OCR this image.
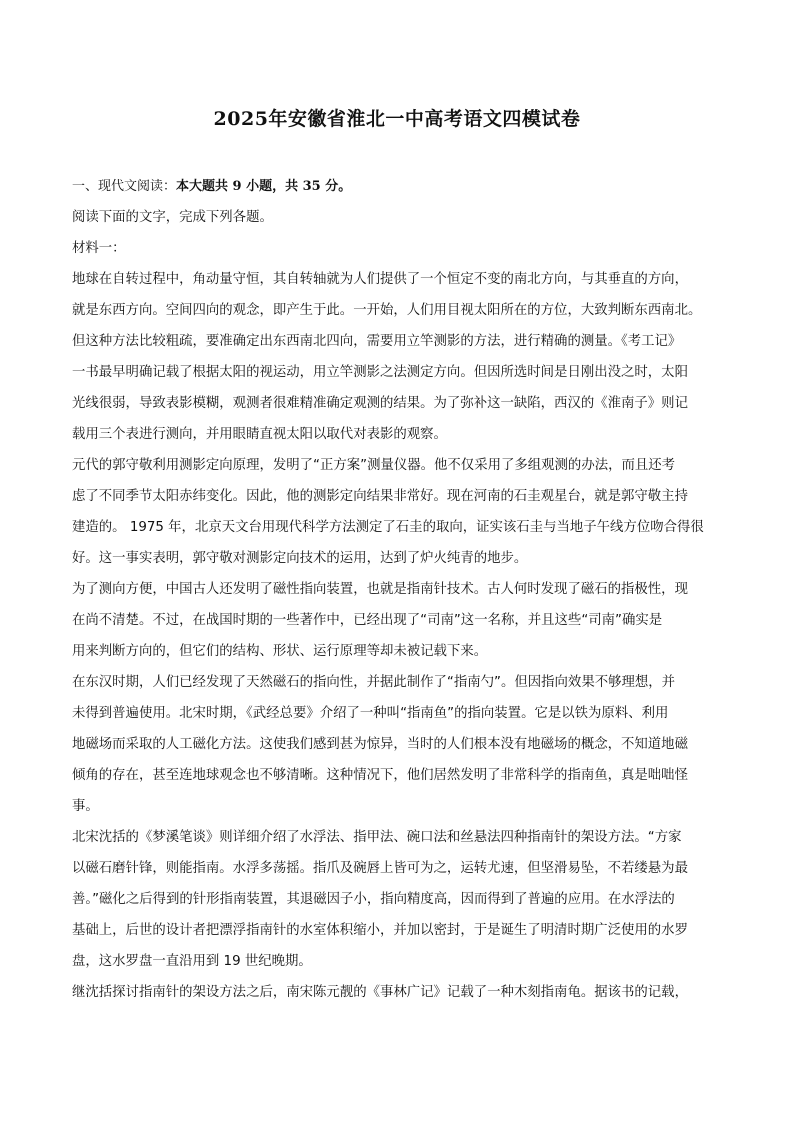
2025年安徽省淮北一中高考语文四模试卷
一、现代文阅读：本大题共 9 小题，共 35 分。
阅读下面的文字，完成下列各题。
材料一：
地球在自转过程中，角动量守恒，其自转轴就为人们提供了一个恒定不变的南北方向，与其垂直的方向，
就是东西方向。空间四向的观念，即产生于此。一开始，人们用目视太阳所在的方位，大致判断东西南北。
但这种方法比较粗疏，要准确定出东西南北四向，需要用立竿测影的方法，进行精确的测量。《考工记》
一书最早明确记载了根据太阳的视运动，用立竿测影之法测定方向。但因所选时间是日刚出没之时，太阳
光线很弱，导致表影模糊，观测者很难精准确定观测的结果。为了弥补这一缺陷，西汉的《淮南子》则记
载用三个表进行测向，并用眼睛直视太阳以取代对表影的观察。
元代的郭守敬利用测影定向原理，发明了“正方案”测量仪器。他不仅采用了多组观测的办法，而且还考
虑了不同季节太阳赤纬变化。因此，他的测影定向结果非常好。现在河南的石圭观星台，就是郭守敬主持
建造的。 1975 年，北京天文台用现代科学方法测定了石圭的取向，证实该石圭与当地子午线方位吻合得很
好。这一事实表明，郭守敬对测影定向技术的运用，达到了炉火纯青的地步。
为了测向方便，中国古人还发明了磁性指向装置，也就是指南针技术。古人何时发现了磁石的指极性，现
在尚不清楚。不过，在战国时期的一些著作中，已经出现了“司南”这一名称，并且这些“司南”确实是
用来判断方向的，但它们的结构、形状、运行原理等却未被记载下来。
在东汉时期，人们已经发现了天然磁石的指向性，并据此制作了“指南勺”。但因指向效果不够理想，并
未得到普遍使用。北宋时期，《武经总要》介绍了一种叫“指南鱼”的指向装置。它是以铁为原料、利用
地磁场而采取的人工磁化方法。这使我们感到甚为惊异，当时的人们根本没有地磁场的概念，不知道地磁
倾角的存在，甚至连地球观念也不够清晰。这种情况下，他们居然发明了非常科学的指南鱼，真是咄咄怪
事。
北宋沈括的《梦溪笔谈》则详细介绍了水浮法、指甲法、碗口法和丝悬法四种指南针的架设方法。“方家
以磁石磨针锋，则能指南。水浮多荡摇。指爪及碗唇上皆可为之，运转尤速，但坚滑易坠，不若缕悬为最
善。”磁化之后得到的针形指南装置，其退磁因子小，指向精度高，因而得到了普遍的应用。在水浮法的
基础上，后世的设计者把漂浮指南针的水室体积缩小，并加以密封，于是诞生了明清时期广泛使用的水罗
盘，这水罗盘一直沿用到 19 世纪晚期。
继沈括探讨指南针的架设方法之后，南宋陈元靓的《事林广记》记载了一种木刻指南龟。据该书的记载，
